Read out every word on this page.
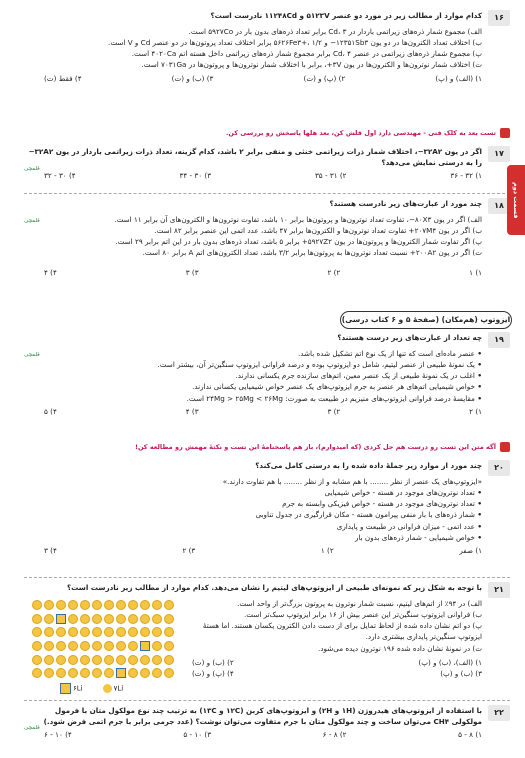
۱۶
کدام موارد از مطالب زیر در مورد دو عنصر ۵۱۲۳V و ۱۱۲۴۸Cd نادرست است؟
الف) مجموع شمار ذره‌های زیراتمی باردار در Cd، ۳ برابر تعداد ذره‌های بدون بار در ۵۹۲۷Co است.
ب) اختلاف تعداد الکترون‌ها در دو یون ۱۲۳۵۱Sb۳− و ۵۶۲۶Fe۳+، ۱/۲ برابر اختلاف تعداد پروتون‌ها در دو عنصر Cd و V است.
پ) مجموع شمار ذره‌های زیراتمی در عنصر Cd، ۴ برابر مجموع شمار ذره‌های زیراتمی داخل هسته اتم ۴۰۲۰Ca است.
ت) اختلاف شمار نوترون‌ها و الکترون‌ها در یون ۳V+، برابر با اختلاف شمار نوترون‌ها و پروتون‌ها در ۷۰۳۱Ga است.
۱) (الف) و (پ)
۲) (پ) و (ت)
۳) (ب) و (ت)
۴) فقط (ت)
تست بعد به کلک فنی - مهندسی دارد اول قلش کن، بعد هلها پاسخش رو بررسی کن.
۱۷
اگر در یون ۳۲A۲−، اختلاف شمار ذرات زیراتمی خنثی و منفی برابر ۲ باشد، کدام گزینه، تعداد ذرات زیراتمی باردار در یون ۳۲A۲− را به درستی نمایش می‌دهد؟
۱) ۳۲ - ۳۶
۲) ۳۱ - ۳۵
۳) ۳۰ - ۳۴
۴) ۳۰ - ۳۲
قلمچی
۱۸
چند مورد از عبارت‌های زیر نادرست هستند؟
الف) اگر در یون ۸۰X۳−، تفاوت تعداد نوترون‌ها و پروتون‌ها برابر ۱۰ باشد، تفاوت نوترون‌ها و الکترون‌های آن برابر ۱۱ است.
ب) اگر در یون ۲۰۷M۴+ تفاوت تعداد نوترون‌ها و الکترون‌ها برابر ۴۷ باشد، عدد اتمی این عنصر برابر ۸۲ است.
پ) اگر تفاوت شمار الکترون‌ها و پروتون‌ها در یون ۵۹۲۷Z۲+ برابر ۵ باشد، تعداد ذره‌های بدون بار در این اتم برابر ۲۹ است.
ت) اگر در یون ۲۰۰A۲+ نسبت تعداد نوترون‌ها به پروتون‌ها برابر ۳/۲ باشد، تعداد الکترون‌های اتم A برابر ۸۰ است.
۱) ۱
۲) ۲
۳) ۳
۴) ۴
قلمچی
قسمت دوم
ایزوتوپ (هم‌مکان) (صفحهٔ ۵ و ۶ کتاب درسی)
۱۹
چه تعداد از عبارت‌های زیر درست هستند؟
• عنصر ماده‌ای است که تنها از یک نوع اتم تشکیل شده باشد.
• یک نمونهٔ طبیعی از عنصر لیتیم، شامل دو ایزوتوپ بوده و درصد فراوانی ایزوتوپ سنگین‌تر آن، بیشتر است.
• اغلب در یک نمونهٔ طبیعی از یک عنصر معین، اتم‌های سازنده جرم یکسانی ندارند.
• خواص شیمیایی اتم‌های هر عنصر به جرم ایزوتوپ‌های یک عنصر خواص شیمیایی یکسانی ندارند.
• مقایسهٔ درصد فراوانی ایزوتوپ‌های منیزیم در طبیعت به صورت: ۲۴Mg > ۲۵Mg < ۲۶Mg است.
۱) ۲
۲) ۳
۳) ۴
۴) ۵
قلمچی
آگه متن این تست رو درست هم حل کردی (که امیدوارم)، باز هم پاسخنامهٔ این تست و نکتهٔ مهمش رو مطالعه کن!
۲۰
چند مورد از موارد زیر جملهٔ داده شده را به درستی کامل می‌کند؟
«ایزوتوپ‌های یک عنصر از نظر ........ با هم مشابه و از نظر ........ با هم تفاوت دارند.»
• تعداد نوترون‌های موجود در هسته - خواص شیمیایی
• تعداد نوترون‌های موجود در هسته - خواص فیزیکی وابسته به جرم
• شمار ذره‌های با بار منفی پیرامون هسته - مکان قرارگیری در جدول تناوبی
• عدد اتمی - میزان فراوانی در طبیعت و پایداری
• خواص شیمیایی - شمار ذره‌های بدون بار
۱) صفر
۲) ۱
۳) ۲
۴) ۳
۲۱
با توجه به شکل زیر که نمونه‌ای طبیعی از ایزوتوپ‌های لیتیم را نشان می‌دهد. کدام موارد از مطالب زیر نادرست است؟
الف) در ۹۴٪ از اتم‌های لیتیم، نسبت شمار نوترون به پروتون بزرگ‌تر از واحد است.
ب) فراوانی ایزوتوپ سنگین‌تر این عنصر بیش از ۱۶ برابر ایزوتوپ سبک‌تر است.
پ) دو اتم نشان داده شده از لحاظ تمایل برای از دست دادن الکترون یکسان هستند. اما هستهٔ ایزوتوپ سنگین‌تر پایداری بیشتری دارد.
ت) در نمونهٔ نشان داده شده ۱۹۶ نوترون دیده می‌شود.
۱) (الف)، (ب) و (پ)
۲) (ب) و (ت)
۳) (ب) و (پ)
۴) (پ) و (ت)
۶Li	۷Li
۲۲
با استفاده از ایزوتوپ‌های هیدروژن (۱H و ۲H) و ایزوتوپ‌های کربن (۱۲C و ۱۳C) به ترتیب چند نوع مولکول متان با فرمول مولکولی CH۴ می‌توان ساخت و چند مولکول متان با جرم متفاوت می‌توان نوشت؟ (عدد جرمی برابر با جرم اتمی فرض شود.)
۱) ۸ - ۵
۲) ۸ - ۶
۳) ۱۰ - ۵
۴) ۱۰ - ۶
قلمچی
